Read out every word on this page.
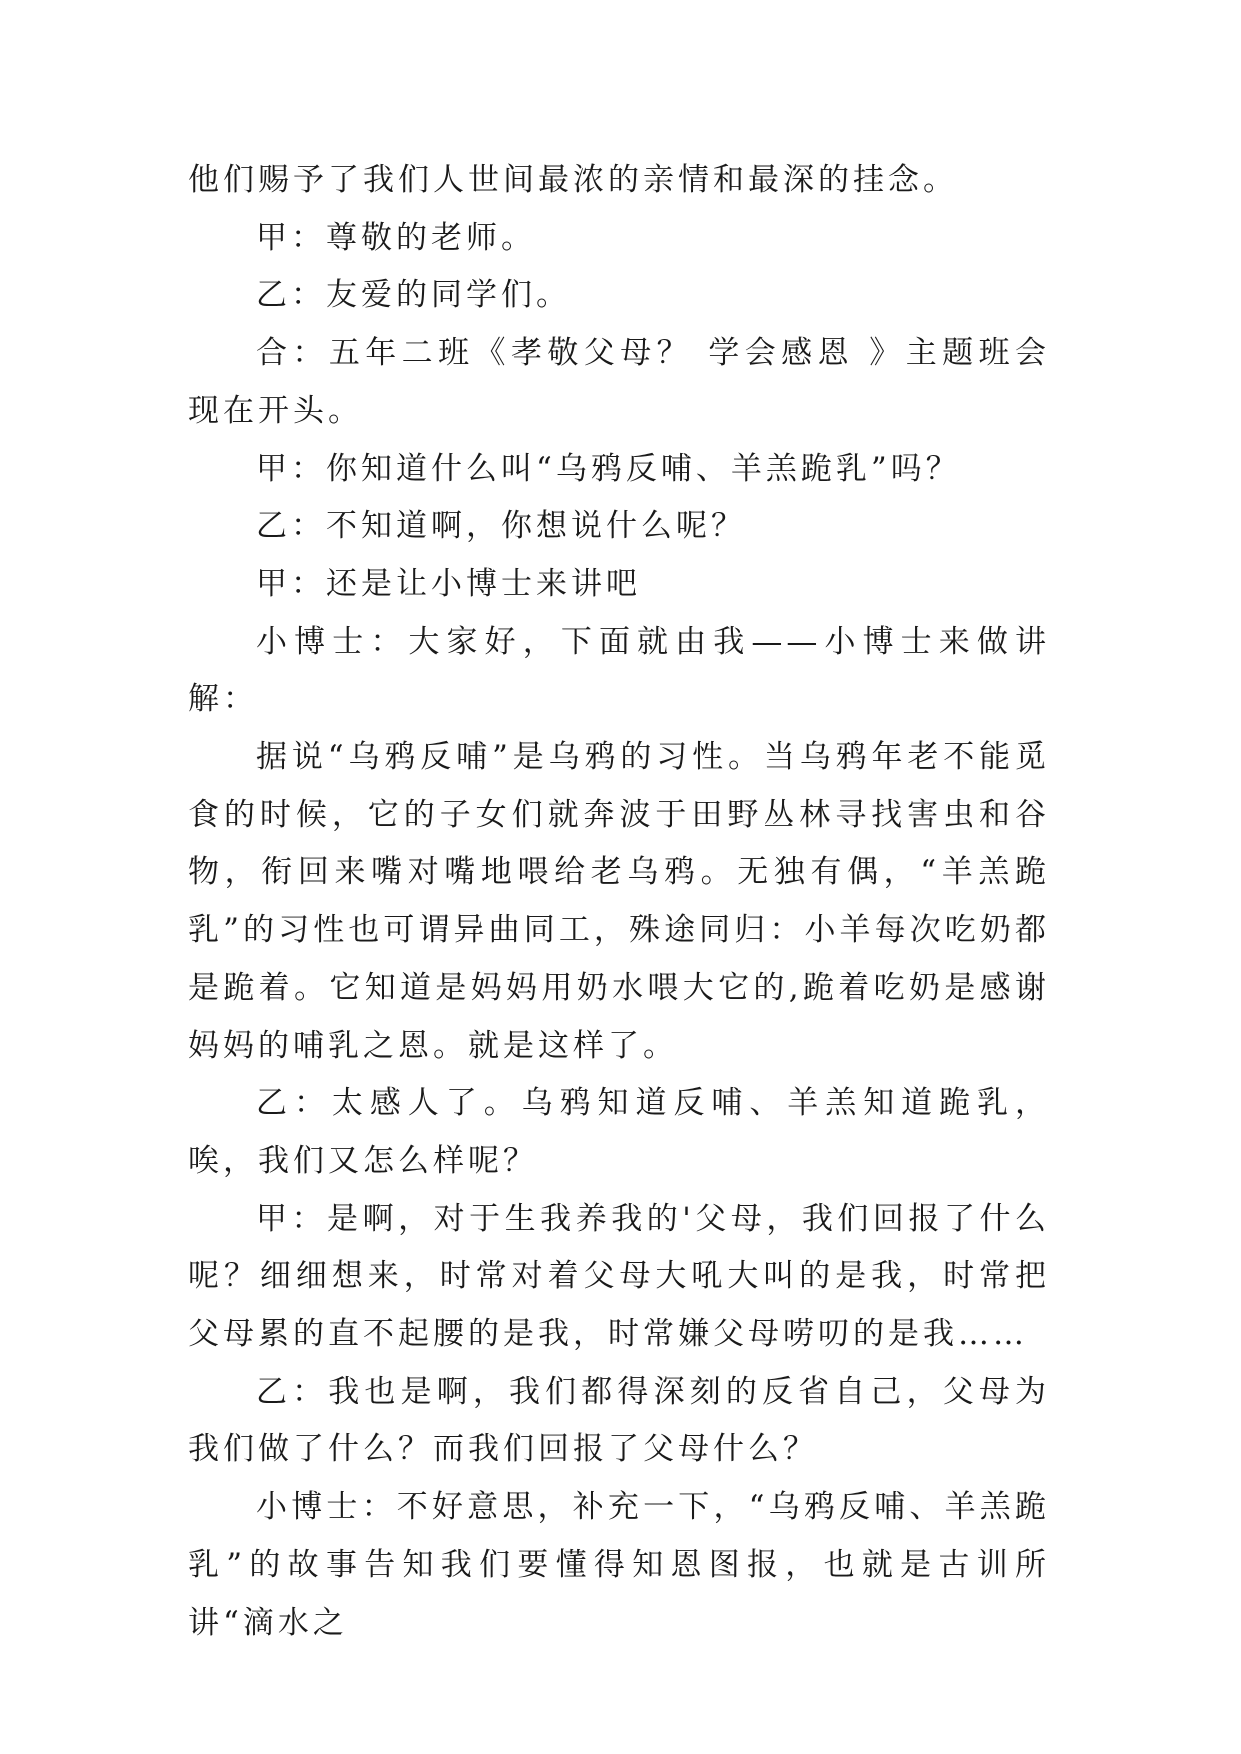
他们赐予了我们人世间最浓的亲情和最深的挂念。

甲：尊敬的老师。

乙：友爱的同学们。

合：五年二班《孝敬父母？ 学会感恩 》主题班会现在开头。

甲：你知道什么叫“乌鸦反哺、羊羔跪乳”吗？

乙：不知道啊，你想说什么呢？

甲：还是让小博士来讲吧

小博士：大家好，下面就由我——小博士来做讲解：

据说“乌鸦反哺”是乌鸦的习性。当乌鸦年老不能觅食的时候，它的子女们就奔波于田野丛林寻找害虫和谷物，衔回来嘴对嘴地喂给老乌鸦。无独有偶，“羊羔跪乳”的习性也可谓异曲同工，殊途同归：小羊每次吃奶都是跪着。它知道是妈妈用奶水喂大它的,跪着吃奶是感谢妈妈的哺乳之恩。就是这样了。

乙：太感人了。乌鸦知道反哺、羊羔知道跪乳，唉，我们又怎么样呢？

甲：是啊，对于生我养我的'父母，我们回报了什么呢？细细想来，时常对着父母大吼大叫的是我，时常把父母累的直不起腰的是我，时常嫌父母唠叨的是我……

乙：我也是啊，我们都得深刻的反省自己，父母为我们做了什么？而我们回报了父母什么？

小博士：不好意思，补充一下，“乌鸦反哺、羊羔跪乳”的故事告知我们要懂得知恩图报，也就是古训所讲“滴水之
